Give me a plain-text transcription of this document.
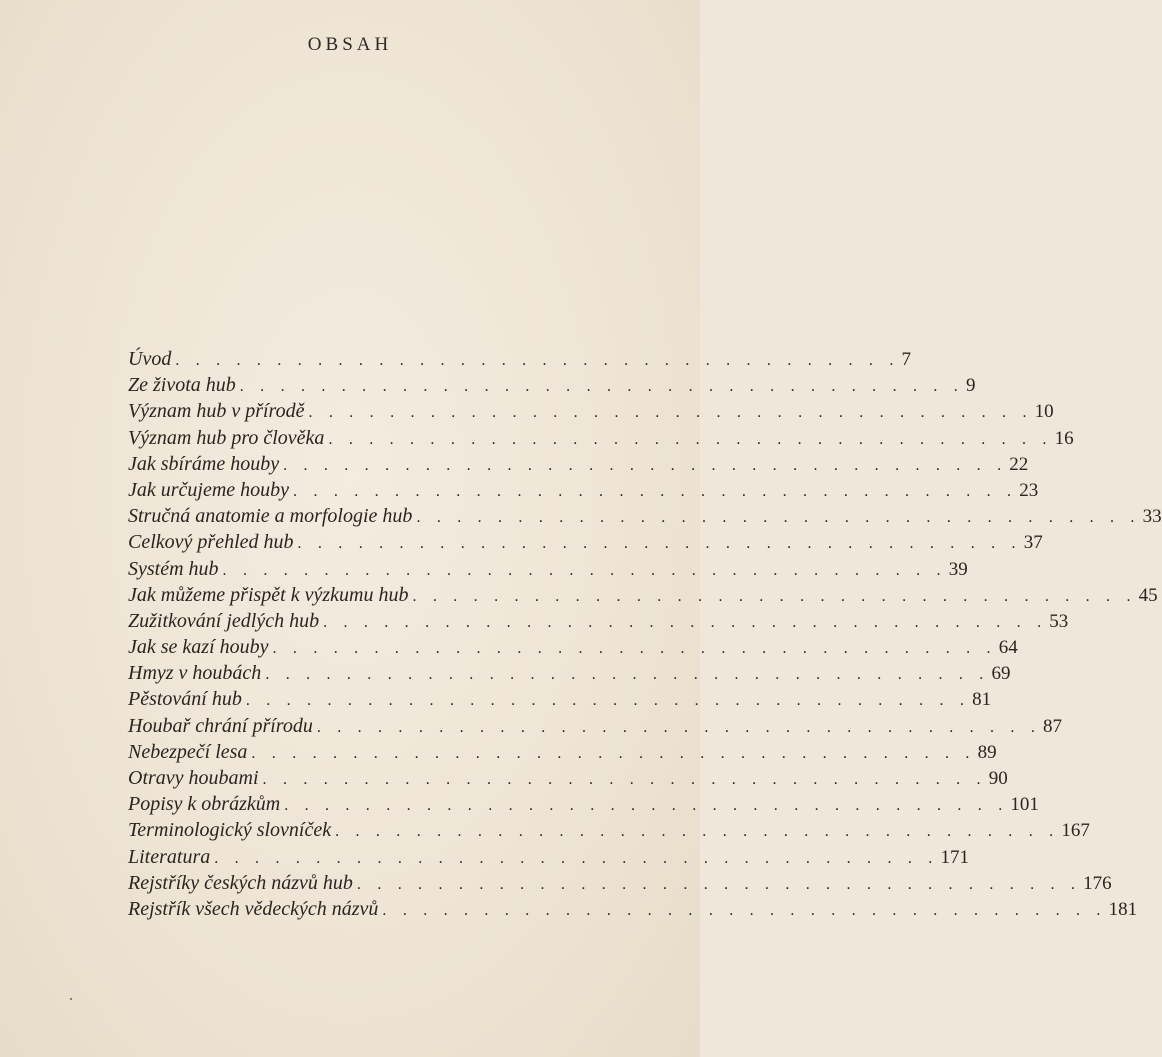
OBSAH
Úvod . . . . . . . . . . . . . . . . . . . . . . . . . . . . . . . . . . . . 7
Ze života hub . . . . . . . . . . . . . . . . . . . . . . . . . . . . . . . . . . . . 9
Význam hub v přírodě . . . . . . . . . . . . . . . . . . . . . . . . . . . . . . . . . . . . 10
Význam hub pro člověka . . . . . . . . . . . . . . . . . . . . . . . . . . . . . . . . . . . . 16
Jak sbíráme houby . . . . . . . . . . . . . . . . . . . . . . . . . . . . . . . . . . . . 22
Jak určujeme houby . . . . . . . . . . . . . . . . . . . . . . . . . . . . . . . . . . . . 23
Stručná anatomie a morfologie hub . . . . . . . . . . . . . . . . . . . . . . . . . . . . . . . . . . . . 33
Celkový přehled hub . . . . . . . . . . . . . . . . . . . . . . . . . . . . . . . . . . . . 37
Systém hub . . . . . . . . . . . . . . . . . . . . . . . . . . . . . . . . . . . . 39
Jak můžeme přispět k výzkumu hub . . . . . . . . . . . . . . . . . . . . . . . . . . . . . . . . . . . . 45
Zužitkování jedlých hub . . . . . . . . . . . . . . . . . . . . . . . . . . . . . . . . . . . . 53
Jak se kazí houby . . . . . . . . . . . . . . . . . . . . . . . . . . . . . . . . . . . . 64
Hmyz v houbách . . . . . . . . . . . . . . . . . . . . . . . . . . . . . . . . . . . . 69
Pěstování hub . . . . . . . . . . . . . . . . . . . . . . . . . . . . . . . . . . . . 81
Houbař chrání přírodu . . . . . . . . . . . . . . . . . . . . . . . . . . . . . . . . . . . . 87
Nebezpečí lesa . . . . . . . . . . . . . . . . . . . . . . . . . . . . . . . . . . . . 89
Otravy houbami . . . . . . . . . . . . . . . . . . . . . . . . . . . . . . . . . . . . 90
Popisy k obrázkům . . . . . . . . . . . . . . . . . . . . . . . . . . . . . . . . . . . . 101
Terminologický slovníček . . . . . . . . . . . . . . . . . . . . . . . . . . . . . . . . . . . . 167
Literatura . . . . . . . . . . . . . . . . . . . . . . . . . . . . . . . . . . . . 171
Rejstříky českých názvů hub . . . . . . . . . . . . . . . . . . . . . . . . . . . . . . . . . . . . 176
Rejstřík všech vědeckých názvů . . . . . . . . . . . . . . . . . . . . . . . . . . . . . . . . . . . . 181
